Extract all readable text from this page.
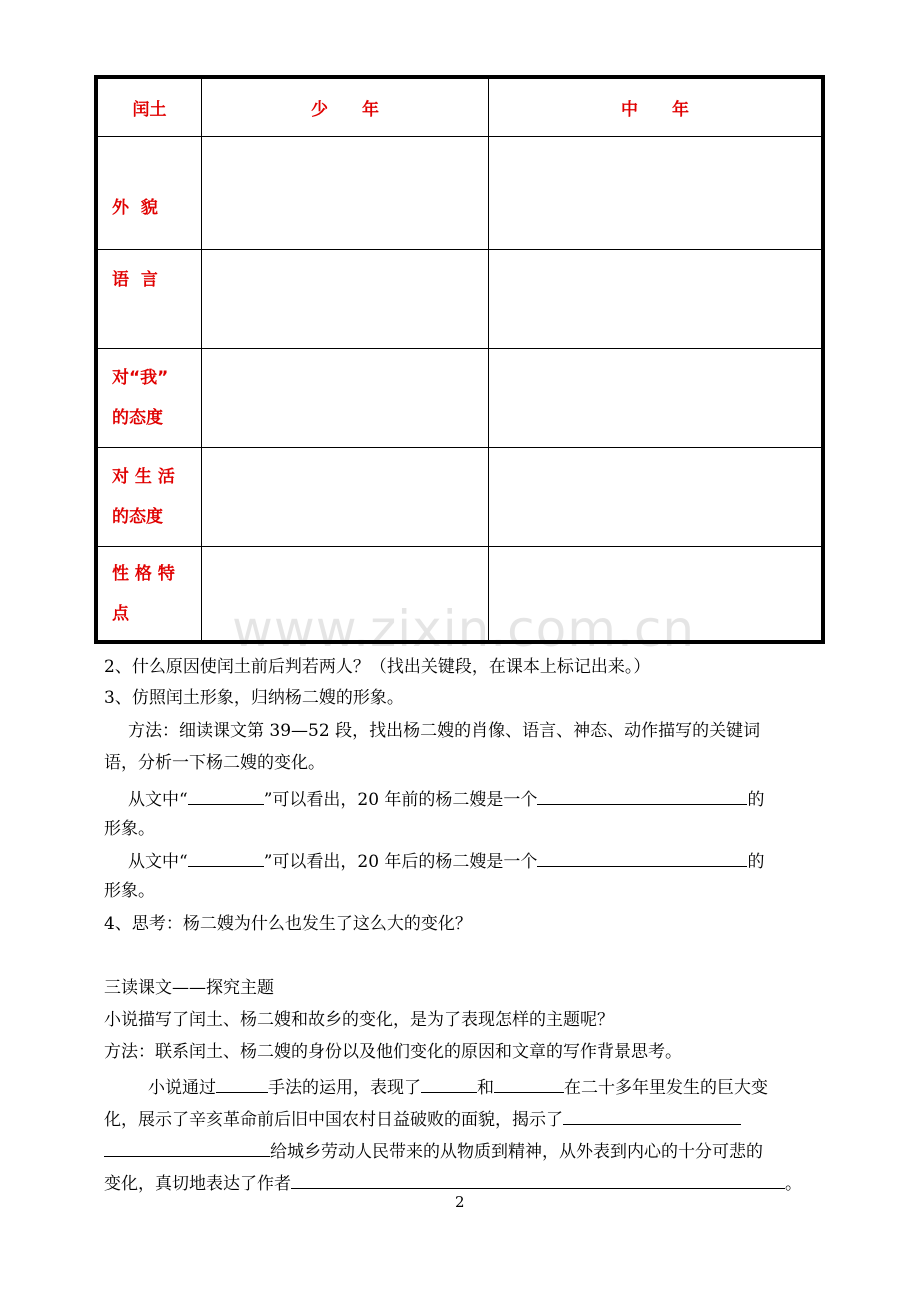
闰土	少　　年	中　　年

外 貌		

语 言		

对“我”
的态度		

对 生 活
的态度		

性 格 特
点		
			www.zixin.com.cn
2、什么原因使闰土前后判若两人？（找出关键段，在课本上标记出来。）
3、仿照闰土形象，归纳杨二嫂的形象。
方法：细读课文第 39—52 段，找出杨二嫂的肖像、语言、神态、动作描写的关键词
语，分析一下杨二嫂的变化。
从文中“	”可以看出，20 年前的杨二嫂是一个	的
形象。
从文中“	”可以看出，20 年后的杨二嫂是一个	的
形象。
4、思考：杨二嫂为什么也发生了这么大的变化？
三读课文——探究主题
小说描写了闰土、杨二嫂和故乡的变化，是为了表现怎样的主题呢？
方法：联系闰土、杨二嫂的身份以及他们变化的原因和文章的写作背景思考。
小说通过	手法的运用，表现了	和	在二十多年里发生的巨大变
化，展示了辛亥革命前后旧中国农村日益破败的面貌，揭示了
给城乡劳动人民带来的从物质到精神，从外表到内心的十分可悲的
变化，真切地表达了作者	。
2
